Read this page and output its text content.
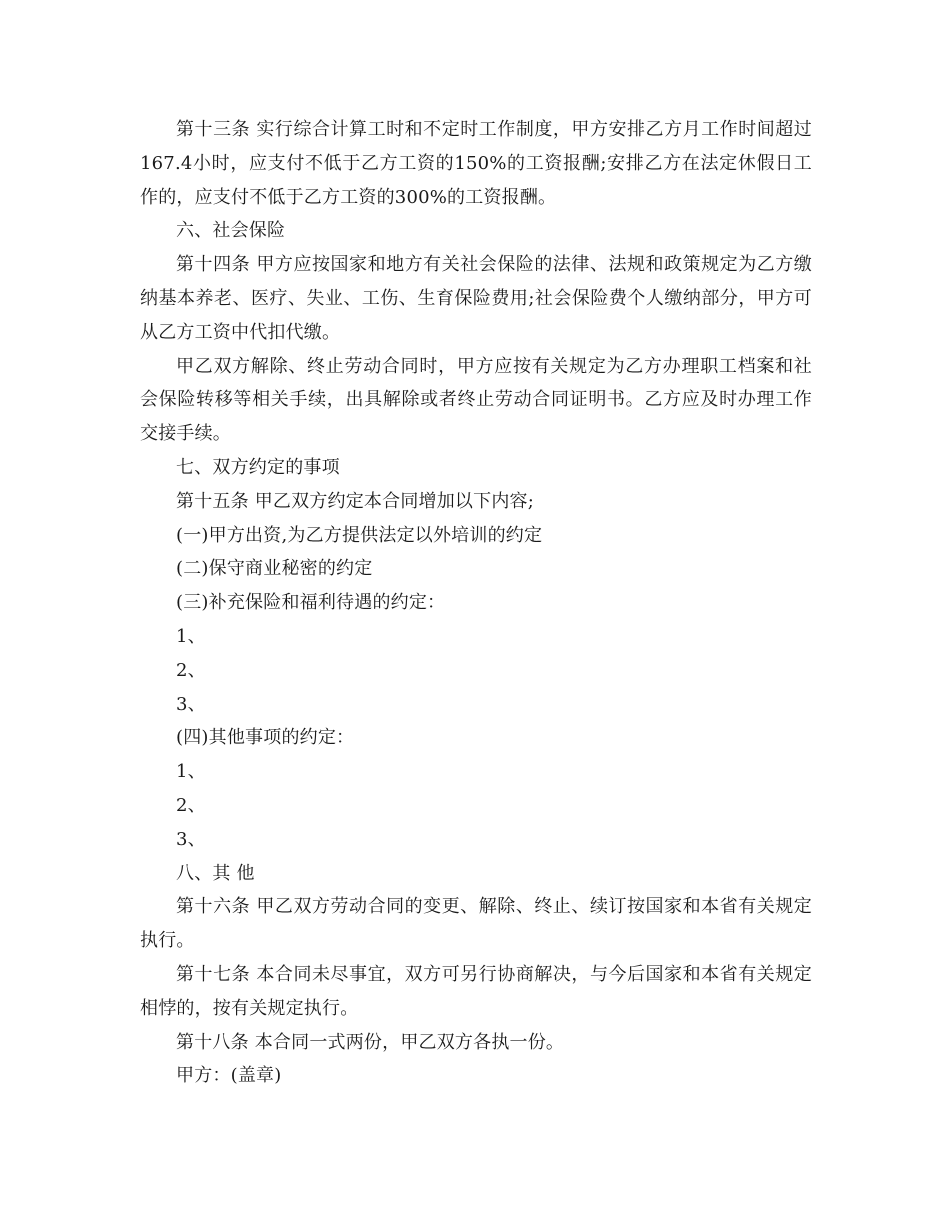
第十三条 实行综合计算工时和不定时工作制度，甲方安排乙方月工作时间超过167.4小时，应支付不低于乙方工资的150%的工资报酬;安排乙方在法定休假日工作的，应支付不低于乙方工资的300%的工资报酬。

六、社会保险

第十四条 甲方应按国家和地方有关社会保险的法律、法规和政策规定为乙方缴纳基本养老、医疗、失业、工伤、生育保险费用;社会保险费个人缴纳部分，甲方可从乙方工资中代扣代缴。

甲乙双方解除、终止劳动合同时，甲方应按有关规定为乙方办理职工档案和社会保险转移等相关手续，出具解除或者终止劳动合同证明书。乙方应及时办理工作交接手续。

七、双方约定的事项

第十五条 甲乙双方约定本合同增加以下内容;

(一)甲方出资,为乙方提供法定以外培训的约定

(二)保守商业秘密的约定

(三)补充保险和福利待遇的约定：

1、

2、

3、

(四)其他事项的约定：

1、

2、

3、

八、其 他

第十六条 甲乙双方劳动合同的变更、解除、终止、续订按国家和本省有关规定执行。

第十七条 本合同未尽事宜，双方可另行协商解决，与今后国家和本省有关规定相悖的，按有关规定执行。

第十八条 本合同一式两份，甲乙双方各执一份。

甲方：(盖章)
